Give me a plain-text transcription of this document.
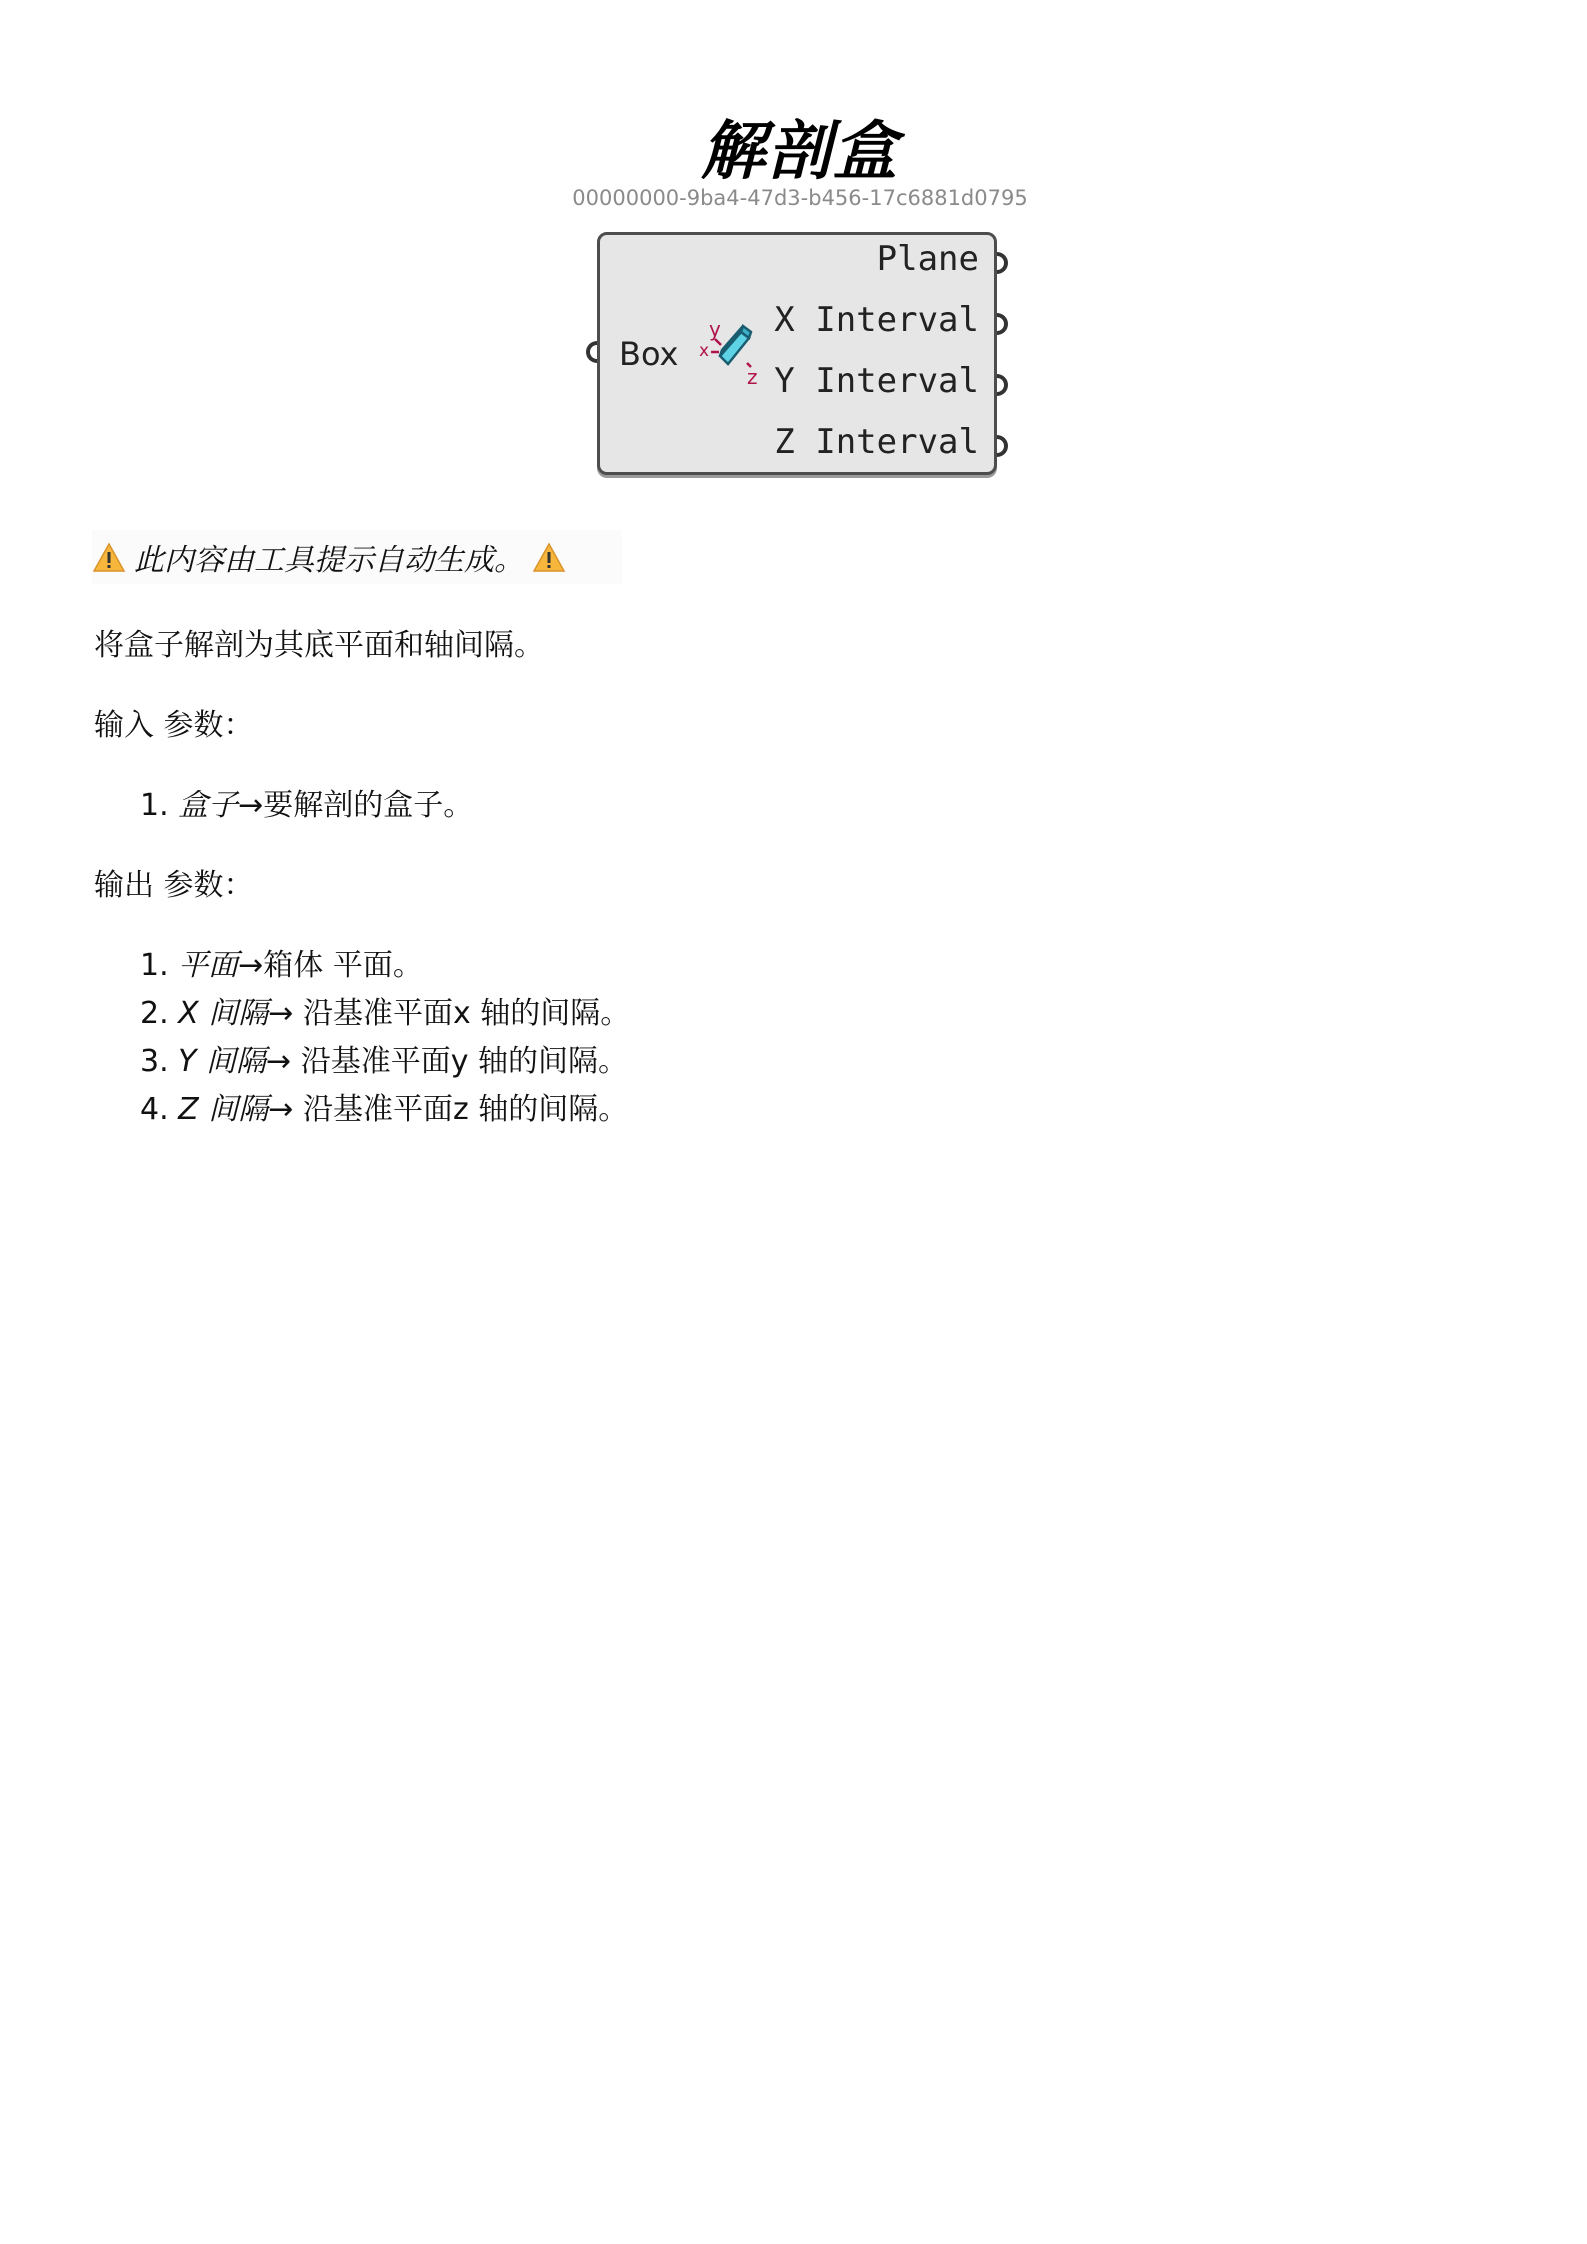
解剖盒
00000000-9ba4-47d3-b456-17c6881d0795
Box x
y
z
Plane
X Interval
Y Interval
Z Interval
此内容由工具提示自动生成。
将盒子解剖为其底平面和轴间隔。
输入 参数：
1. 盒子→要解剖的盒子。
输出 参数：
1. 平面→箱体 平面。
2. X 间隔→ 沿基准平面x 轴的间隔。
3. Y 间隔→ 沿基准平面y 轴的间隔。
4. Z 间隔→ 沿基准平面z 轴的间隔。
